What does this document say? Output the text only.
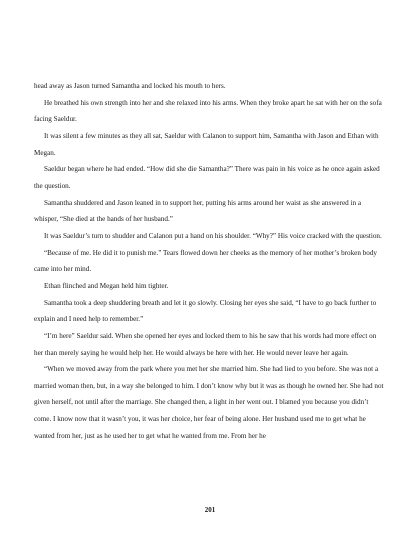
head away as Jason turned Samantha and locked his mouth to hers.

He breathed his own strength into her and she relaxed into his arms. When they broke apart he sat with her on the sofa facing Saeldur.

It was silent a few minutes as they all sat, Saeldur with Calanon to support him, Samantha with Jason and Ethan with Megan.

Saeldur began where he had ended. “How did she die Samantha?” There was pain in his voice as he once again asked the question.

Samantha shuddered and Jason leaned in to support her, putting his arms around her waist as she answered in a whisper, “She died at the hands of her husband.”

It was Saeldur’s turn to shudder and Calanon put a hand on his shoulder. “Why?” His voice cracked with the question.

“Because of me. He did it to punish me.” Tears flowed down her cheeks as the memory of her mother’s broken body came into her mind.

Ethan flinched and Megan held him tighter.

Samantha took a deep shuddering breath and let it go slowly. Closing her eyes she said, “I have to go back further to explain and I need help to remember.”

“I’m here” Saeldur said. When she opened her eyes and locked them to his he saw that his words had more effect on her than merely saying he would help her. He would always be here with her. He would never leave her again.

“When we moved away from the park where you met her she married him. She had lied to you before. She was not a married woman then, but, in a way she belonged to him. I don’t know why but it was as though he owned her. She had not given herself, not until after the marriage. She changed then, a light in her went out. I blamed you because you didn’t come. I know now that it wasn’t you, it was her choice, her fear of being alone. Her husband used me to get what he wanted from her, just as he used her to get what he wanted from me. From her he

201
